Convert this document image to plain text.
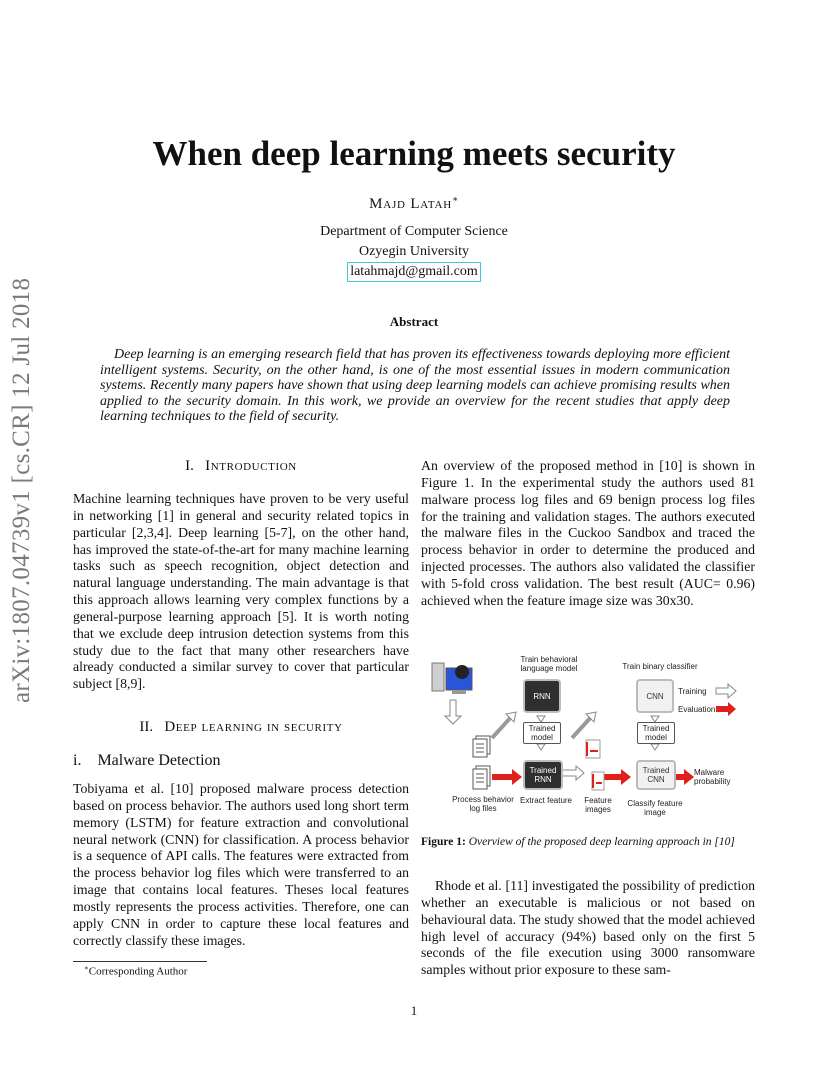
arXiv:1807.04739v1 [cs.CR] 12 Jul 2018
When deep learning meets security
Majd Latah∗
Department of Computer Science
Ozyegin University
latahmajd@gmail.com
Abstract
Deep learning is an emerging research field that has proven its effectiveness towards deploying more efficient intelligent systems. Security, on the other hand, is one of the most essential issues in modern communication systems. Recently many papers have shown that using deep learning models can achieve promising results when applied to the security domain. In this work, we provide an overview for the recent studies that apply deep learning techniques to the field of security.
I. Introduction
Machine learning techniques have proven to be very useful in networking [1] in general and security related topics in particular [2,3,4]. Deep learning [5-7], on the other hand, has improved the state-of-the-art for many machine learning tasks such as speech recognition, object detection and natural language understanding. The main advantage is that this approach allows learning very complex functions by a general-purpose learning approach [5]. It is worth noting that we exclude deep intrusion detection systems from this study due to the fact that many other researchers have already conducted a similar survey to cover that particular subject [8,9].
II. Deep learning in security
i. Malware Detection
Tobiyama et al. [10] proposed malware process detection based on process behavior. The authors used long short term memory (LSTM) for feature extraction and convolutional neural network (CNN) for classification. A process behavior is a sequence of API calls. The features were extracted from the process behavior log files which were transferred to an image that contains local features. Theses local features mostly represents the process activities. Therefore, one can apply CNN in order to capture these local features and correctly classify these images.
An overview of the proposed method in [10] is shown in Figure 1. In the experimental study the authors used 81 malware process log files and 69 benign process log files for the training and validation stages. The authors executed the malware files in the Cuckoo Sandbox and traced the process behavior in order to determine the produced and injected processes. The authors also validated the classifier with 5-fold cross validation. The best result (AUC= 0.96) achieved when the feature image size was 30x30.
Train behavioral language model	Train binary classifier
RNN	CNN
Trained model
Trained model
Trained RNN
Trained CNN
Training
Evaluation
Malware probability
Process behavior log files
Extract feature	Feature images
Classify feature image
Figure 1: Overview of the proposed deep learning approach in [10]
Rhode et al. [11] investigated the possibility of prediction whether an executable is malicious or not based on behavioural data. The study showed that the model achieved high level of accuracy (94%) based only on the first 5 seconds of the file execution using 3000 ransomware samples without prior exposure to these sam-
∗Corresponding Author
1
